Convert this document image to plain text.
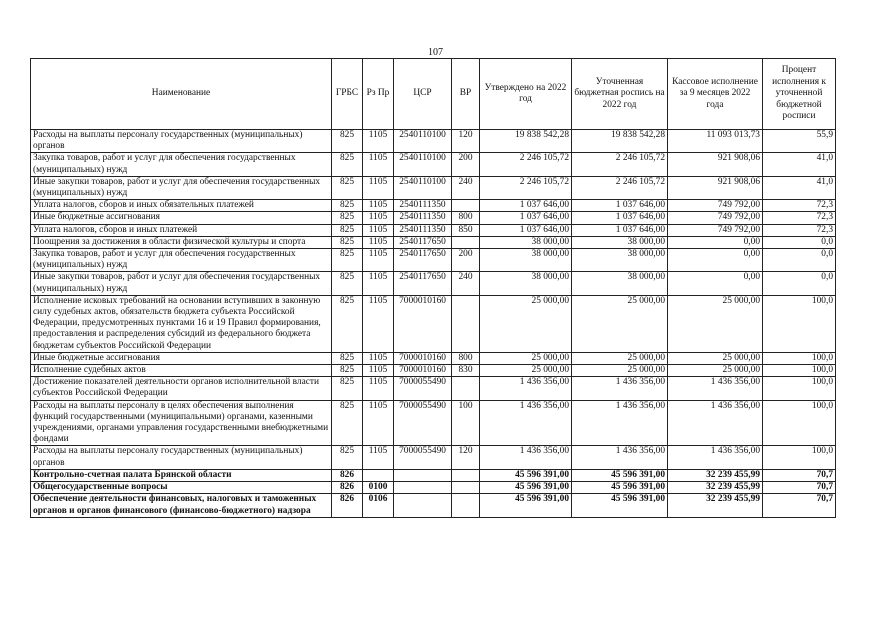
107
Наименование	ГРБС	Рз Пр	ЦСР	ВР	Утверждено на 2022 год	Уточненная бюджетная роспись на 2022 год	Кассовое исполнение за 9 месяцев 2022 года	Процент исполнения к уточненной бюджетной росписи
Расходы на выплаты персоналу государственных (муниципальных) органов	825	1105	2540110100	120	19 838 542,28	19 838 542,28	11 093 013,73	55,9
Закупка товаров, работ и услуг для обеспечения государственных (муниципальных) нужд	825	1105	2540110100	200	2 246 105,72	2 246 105,72	921 908,06	41,0
Иные закупки товаров, работ и услуг для обеспечения государственных (муниципальных) нужд	825	1105	2540110100	240	2 246 105,72	2 246 105,72	921 908,06	41,0
Уплата налогов, сборов и иных обязательных платежей	825	1105	2540111350		1 037 646,00	1 037 646,00	749 792,00	72,3
Иные бюджетные ассигнования	825	1105	2540111350	800	1 037 646,00	1 037 646,00	749 792,00	72,3
Уплата налогов, сборов и иных платежей	825	1105	2540111350	850	1 037 646,00	1 037 646,00	749 792,00	72,3
Поощрения за достижения в области физической культуры и спорта	825	1105	2540117650		38 000,00	38 000,00	0,00	0,0
Закупка товаров, работ и услуг для обеспечения государственных (муниципальных) нужд	825	1105	2540117650	200	38 000,00	38 000,00	0,00	0,0
Иные закупки товаров, работ и услуг для обеспечения государственных (муниципальных) нужд	825	1105	2540117650	240	38 000,00	38 000,00	0,00	0,0
Исполнение исковых требований на основании вступивших в законную силу судебных актов, обязательств бюджета субъекта Российской Федерации, предусмотренных пунктами 16 и 19 Правил формирования, предоставления и распределения субсидий из федерального бюджета бюджетам субъектов Российской Федерации	825	1105	7000010160		25 000,00	25 000,00	25 000,00	100,0
Иные бюджетные ассигнования	825	1105	7000010160	800	25 000,00	25 000,00	25 000,00	100,0
Исполнение судебных актов	825	1105	7000010160	830	25 000,00	25 000,00	25 000,00	100,0
Достижение показателей деятельности органов исполнительной власти субъектов Российской Федерации	825	1105	7000055490		1 436 356,00	1 436 356,00	1 436 356,00	100,0
Расходы на выплаты персоналу в целях обеспечения выполнения функций государственными (муниципальными) органами, казенными учреждениями, органами управления государственными внебюджетными фондами	825	1105	7000055490	100	1 436 356,00	1 436 356,00	1 436 356,00	100,0
Расходы на выплаты персоналу государственных (муниципальных) органов	825	1105	7000055490	120	1 436 356,00	1 436 356,00	1 436 356,00	100,0
Контрольно-счетная палата Брянской области	826				45 596 391,00	45 596 391,00	32 239 455,99	70,7
Общегосударственные вопросы	826	0100			45 596 391,00	45 596 391,00	32 239 455,99	70,7
Обеспечение деятельности финансовых, налоговых и таможенных органов и органов финансового (финансово-бюджетного) надзора	826	0106			45 596 391,00	45 596 391,00	32 239 455,99	70,7
